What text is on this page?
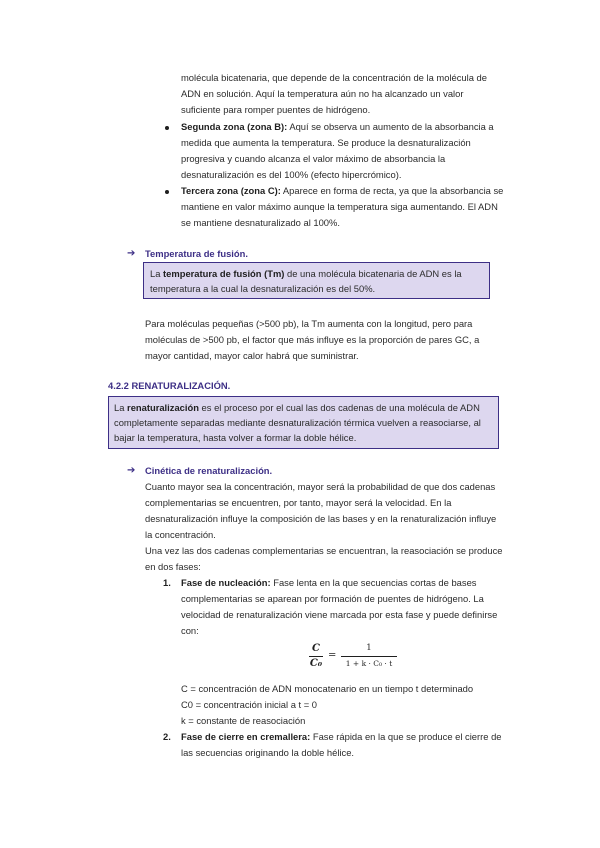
molécula bicatenaria, que depende de la concentración de la molécula de
ADN en solución. Aquí la temperatura aún no ha alcanzado un valor
suficiente para romper puentes de hidrógeno.
Segunda zona (zona B): Aquí se observa un aumento de la absorbancia a
medida que aumenta la temperatura. Se produce la desnaturalización
progresiva y cuando alcanza el valor máximo de absorbancia la
desnaturalización es del 100% (efecto hipercrómico).
Tercera zona (zona C): Aparece en forma de recta, ya que la absorbancia se
mantiene en valor máximo aunque la temperatura siga aumentando. El ADN
se mantiene desnaturalizado al 100%.
➔ Temperatura de fusión.
La temperatura de fusión (Tm) de una molécula bicatenaria de ADN es la
temperatura a la cual la desnaturalización es del 50%.
Para moléculas pequeñas (>500 pb), la Tm aumenta con la longitud, pero para
moléculas de >500 pb, el factor que más influye es la proporción de pares GC, a
mayor cantidad, mayor calor habrá que suministrar.
4.2.2 RENATURALIZACIÓN.
La renaturalización es el proceso por el cual las dos cadenas de una molécula de ADN
completamente separadas mediante desnaturalización térmica vuelven a reasociarse, al
bajar la temperatura, hasta volver a formar la doble hélice.
➔ Cinética de renaturalización.
Cuanto mayor sea la concentración, mayor será la probabilidad de que dos cadenas
complementarias se encuentren, por tanto, mayor será la velocidad. En la
desnaturalización influye la composición de las bases y en la renaturalización influye
la concentración.
Una vez las dos cadenas complementarias se encuentran, la reasociación se produce
en dos fases:
1. Fase de nucleación: Fase lenta en la que secuencias cortas de bases
complementarias se aparean por formación de puentes de hidrógeno. La
velocidad de renaturalización viene marcada por esta fase y puede definirse
con:
C
C₀
=
1
1 + k · C₀ · t
C = concentración de ADN monocatenario en un tiempo t determinado
C0 = concentración inicial a t = 0
k = constante de reasociación
2. Fase de cierre en cremallera: Fase rápida en la que se produce el cierre de
las secuencias originando la doble hélice.
